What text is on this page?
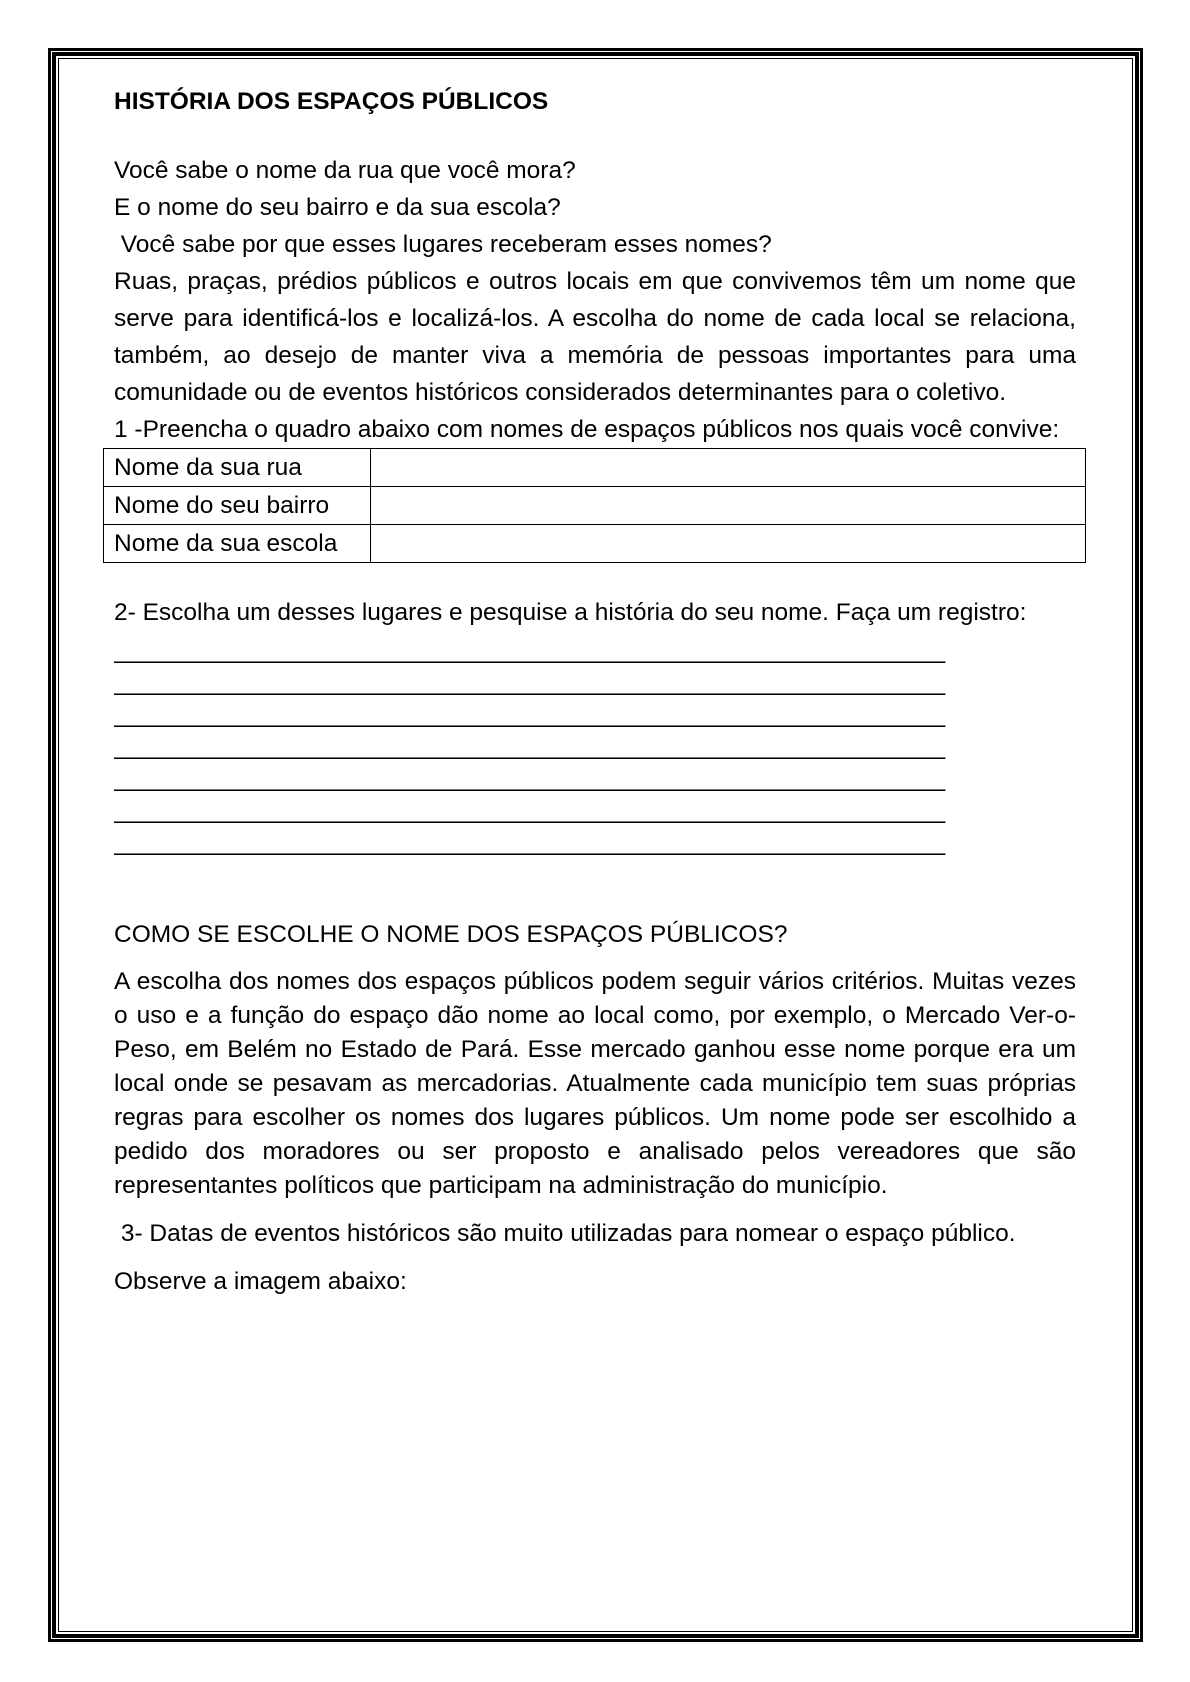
HISTÓRIA DOS ESPAÇOS PÚBLICOS

Você sabe o nome da rua que você mora?

E o nome do seu bairro e da sua escola?

Você sabe por que esses lugares receberam esses nomes?

Ruas, praças, prédios públicos e outros locais em que convivemos têm um nome que serve para identificá-los e localizá-los. A escolha do nome de cada local se relaciona, também, ao desejo de manter viva a memória de pessoas importantes para uma comunidade ou de eventos históricos considerados determinantes para o coletivo.

1 -Preencha o quadro abaixo com nomes de espaços públicos nos quais você convive:

Nome da sua rua	
Nome do seu bairro	
Nome da sua escola	

2- Escolha um desses lugares e pesquise a história do seu nome. Faça um registro:

_____________________________________________________________
_____________________________________________________________
_____________________________________________________________
_____________________________________________________________
_____________________________________________________________
_____________________________________________________________
_____________________________________________________________

COMO SE ESCOLHE O NOME DOS ESPAÇOS PÚBLICOS?

A escolha dos nomes dos espaços públicos podem seguir vários critérios. Muitas vezes o uso e a função do espaço dão nome ao local como, por exemplo, o Mercado Ver-o-Peso, em Belém no Estado de Pará. Esse mercado ganhou esse nome porque era um local onde se pesavam as mercadorias. Atualmente cada município tem suas próprias regras para escolher os nomes dos lugares públicos. Um nome pode ser escolhido a pedido dos moradores ou ser proposto e analisado pelos vereadores que são representantes políticos que participam na administração do município.

3- Datas de eventos históricos são muito utilizadas para nomear o espaço público.

Observe a imagem abaixo:
